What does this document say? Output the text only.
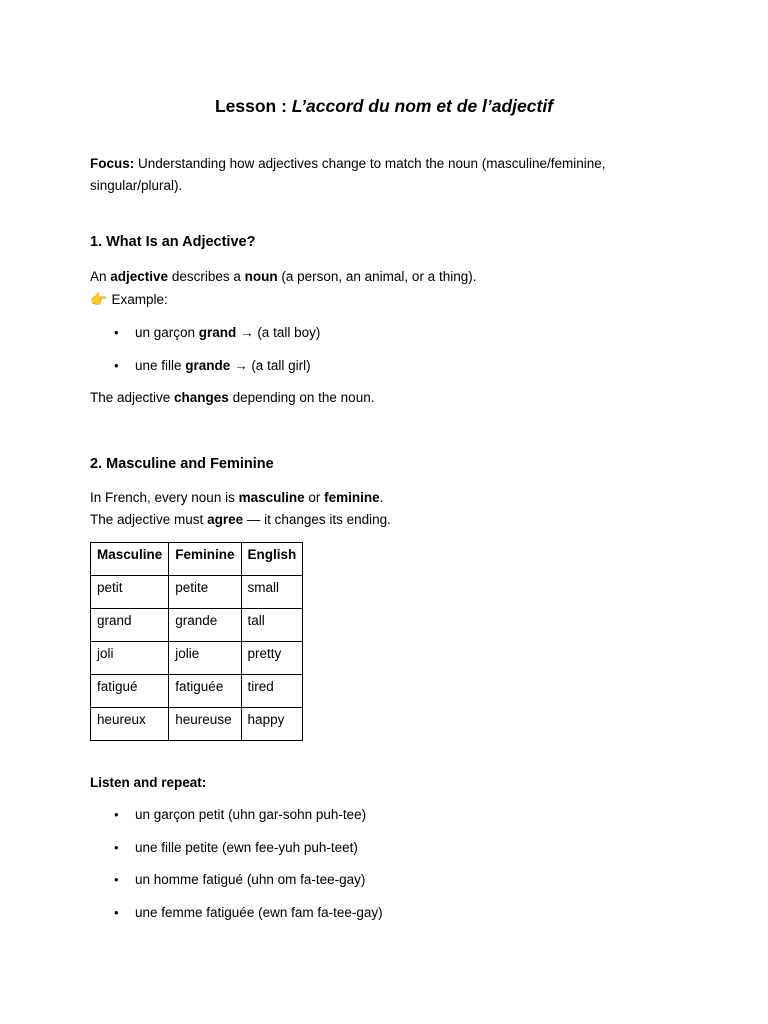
Lesson : L’accord du nom et de l’adjectif

Focus: Understanding how adjectives change to match the noun (masculine/feminine,
singular/plural).

1. What Is an Adjective?

An adjective describes a noun (a person, an animal, or a thing).
👉 Example:

• un garçon grand → (a tall boy)
• une fille grande → (a tall girl)

The adjective changes depending on the noun.

2. Masculine and Feminine

In French, every noun is masculine or feminine.
The adjective must agree — it changes its ending.

Masculine	Feminine	English
petit	petite	small
grand	grande	tall
joli	jolie	pretty
fatigué	fatiguée	tired
heureux	heureuse	happy

Listen and repeat:

• un garçon petit (uhn gar-sohn puh-tee)
• une fille petite (ewn fee-yuh puh-teet)
• un homme fatigué (uhn om fa-tee-gay)
• une femme fatiguée (ewn fam fa-tee-gay)
